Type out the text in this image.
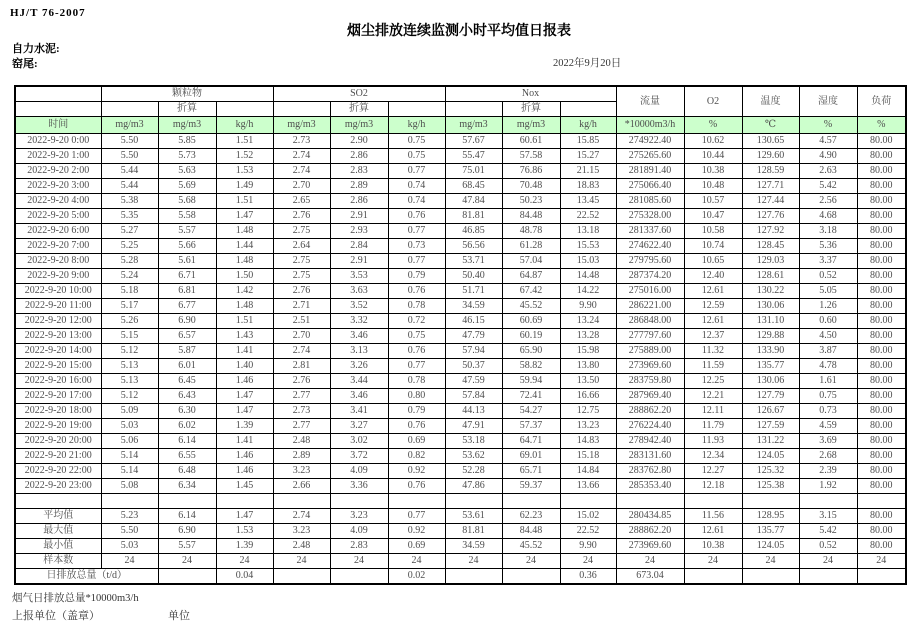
HJ/T 76-2007
烟尘排放连续监测小时平均值日报表
自力水泥:
窑尾:	2022年9月20日
	颗粒物			SO2			Nox			流量	O2	温度	湿度	负荷
		折算			折算			折算						
时间	mg/m3	mg/m3	kg/h	mg/m3	mg/m3	kg/h	mg/m3	mg/m3	kg/h	*10000m3/h	%	℃	%	%
2022-9-20 0:00	5.50	5.85	1.51	2.73	2.90	0.75	57.67	60.61	15.85	274922.40	10.62	130.65	4.57	80.00
2022-9-20 1:00	5.50	5.73	1.52	2.74	2.86	0.75	55.47	57.58	15.27	275265.60	10.44	129.60	4.90	80.00
2022-9-20 2:00	5.44	5.63	1.53	2.74	2.83	0.77	75.01	76.86	21.15	281891.40	10.38	128.59	2.63	80.00
2022-9-20 3:00	5.44	5.69	1.49	2.70	2.89	0.74	68.45	70.48	18.83	275066.40	10.48	127.71	5.42	80.00
2022-9-20 4:00	5.38	5.68	1.51	2.65	2.86	0.74	47.84	50.23	13.45	281085.60	10.57	127.44	2.56	80.00
2022-9-20 5:00	5.35	5.58	1.47	2.76	2.91	0.76	81.81	84.48	22.52	275328.00	10.47	127.76	4.68	80.00
2022-9-20 6:00	5.27	5.57	1.48	2.75	2.93	0.77	46.85	48.78	13.18	281337.60	10.58	127.92	3.18	80.00
2022-9-20 7:00	5.25	5.66	1.44	2.64	2.84	0.73	56.56	61.28	15.53	274622.40	10.74	128.45	5.36	80.00
2022-9-20 8:00	5.28	5.61	1.48	2.75	2.91	0.77	53.71	57.04	15.03	279795.60	10.65	129.03	3.37	80.00
2022-9-20 9:00	5.24	6.71	1.50	2.75	3.53	0.79	50.40	64.87	14.48	287374.20	12.40	128.61	0.52	80.00
2022-9-20 10:00	5.18	6.81	1.42	2.76	3.63	0.76	51.71	67.42	14.22	275016.00	12.61	130.22	5.05	80.00
2022-9-20 11:00	5.17	6.77	1.48	2.71	3.52	0.78	34.59	45.52	9.90	286221.00	12.59	130.06	1.26	80.00
2022-9-20 12:00	5.26	6.90	1.51	2.51	3.32	0.72	46.15	60.69	13.24	286848.00	12.61	131.10	0.60	80.00
2022-9-20 13:00	5.15	6.57	1.43	2.70	3.46	0.75	47.79	60.19	13.28	277797.60	12.37	129.88	4.50	80.00
2022-9-20 14:00	5.12	5.87	1.41	2.74	3.13	0.76	57.94	65.90	15.98	275889.00	11.32	133.90	3.87	80.00
2022-9-20 15:00	5.13	6.01	1.40	2.81	3.26	0.77	50.37	58.82	13.80	273969.60	11.59	135.77	4.78	80.00
2022-9-20 16:00	5.13	6.45	1.46	2.76	3.44	0.78	47.59	59.94	13.50	283759.80	12.25	130.06	1.61	80.00
2022-9-20 17:00	5.12	6.43	1.47	2.77	3.46	0.80	57.84	72.41	16.66	287969.40	12.21	127.79	0.75	80.00
2022-9-20 18:00	5.09	6.30	1.47	2.73	3.41	0.79	44.13	54.27	12.75	288862.20	12.11	126.67	0.73	80.00
2022-9-20 19:00	5.03	6.02	1.39	2.77	3.27	0.76	47.91	57.37	13.23	276224.40	11.79	127.59	4.59	80.00
2022-9-20 20:00	5.06	6.14	1.41	2.48	3.02	0.69	53.18	64.71	14.83	278942.40	11.93	131.22	3.69	80.00
2022-9-20 21:00	5.14	6.55	1.46	2.89	3.72	0.82	53.62	69.01	15.18	283131.60	12.34	124.05	2.68	80.00
2022-9-20 22:00	5.14	6.48	1.46	3.23	4.09	0.92	52.28	65.71	14.84	283762.80	12.27	125.32	2.39	80.00
2022-9-20 23:00	5.08	6.34	1.45	2.66	3.36	0.76	47.86	59.37	13.66	285353.40	12.18	125.38	1.92	80.00

平均值	5.23	6.14	1.47	2.74	3.23	0.77	53.61	62.23	15.02	280434.85	11.56	128.95	3.15	80.00
最大值	5.50	6.90	1.53	3.23	4.09	0.92	81.81	84.48	22.52	288862.20	12.61	135.77	5.42	80.00
最小值	5.03	5.57	1.39	2.48	2.83	0.69	34.59	45.52	9.90	273969.60	10.38	124.05	0.52	80.00
样本数	24	24	24	24	24	24	24	24	24	24	24	24	24	24
日排放总量（t/d）			0.04			0.02			0.36	673.04				
烟气日排放总量*10000m3/h
上报单位（盖章）	单位
